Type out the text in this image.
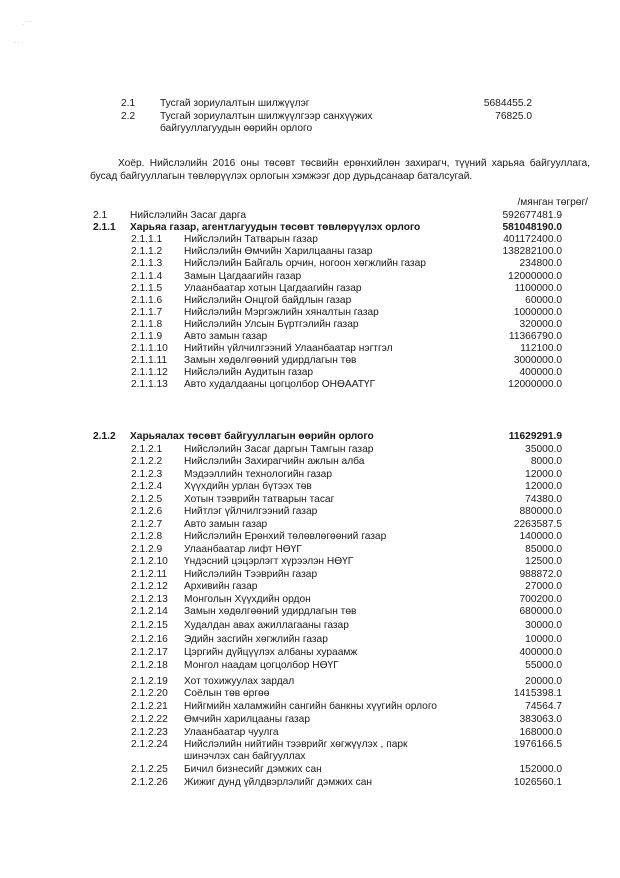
· ˉ ˊ
· · ·
2.1 Тусгай зориулалтын шилжүүлэг	5684455.2
2.2 Тусгай зориулалтын шилжүүлгээр санхүүжих	76825.0
байгууллагуудын өөрийн орлого
Хоёр. Нийслэлийн 2016 оны төсөвт төсвийн ерөнхийлөн захирагч, түүний харьяа байгууллага, бусад байгууллагын төвлөрүүлэх орлогын хэмжээг дор дурьдсанаар баталсугай.
/мянган төгрөг/
2.1 Нийслэлийн Засаг дарга	592677481.9
2.1.1 Харьяа газар, агентлагуудын төсөвт төвлөрүүлэх орлого	581048190.0
2.1.1.1 Нийслэлийн Татварын газар	401172400.0
2.1.1.2 Нийслэлийн Өмчийн Харилцааны газар	138282100.0
2.1.1.3 Нийслэлийн Байгаль орчин, ногоон хөгжлийн газар	234800.0
2.1.1.4 Замын Цагдаагийн газар	12000000.0
2.1.1.5 Улаанбаатар хотын Цагдаагийн газар	1100000.0
2.1.1.6 Нийслэлийн Онцгой байдлын газар	60000.0
2.1.1.7 Нийслэлийн Мэргэжлийн хяналтын газар	1000000.0
2.1.1.8 Нийслэлийн Улсын Бүртгэлийн газар	320000.0
2.1.1.9 Авто замын газар	11366790.0
2.1.1.10 Нийтийн үйлчилгээний Улаанбаатар нэгтгэл	112100.0
2.1.1.11 Замын хөдөлгөөний удирдлагын төв	3000000.0
2.1.1.12 Нийслэлийн Аудитын газар	400000.0
2.1.1.13 Авто худалдааны цогцолбор ОНӨААТҮГ	12000000.0
2.1.2 Харьяалах төсөвт байгууллагын өөрийн орлого	11629291.9
2.1.2.1 Нийслэлийн Засаг даргын Тамгын газар	35000.0
2.1.2.2 Нийслэлийн Захирагчийн ажлын алба	8000.0
2.1.2.3 Мэдээллийн технологийн газар	12000.0
2.1.2.4 Хүүхдийн урлан бүтээх төв	12000.0
2.1.2.5 Хотын тээврийн татварын тасаг	74380.0
2.1.2.6 Нийтлэг үйлчилгээний газар	880000.0
2.1.2.7 Авто замын газар	2263587.5
2.1.2.8 Нийслэлийн Ерөнхий төлөвлөгөөний газар	140000.0
2.1.2.9 Улаанбаатар лифт НӨҮГ	85000.0
2.1.2.10 Үндэсний цэцэрлэгт хүрээлэн НӨҮГ	12500.0
2.1.2.11 Нийслэлийн Тээврийн газар	988872.0
2.1.2.12 Архивийн газар	27000.0
2.1.2.13 Монголын Хүүхдийн ордон	700200.0
2.1.2.14 Замын хөдөлгөөний удирдлагын төв	680000.0
2.1.2.15 Худалдан авах ажиллагааны газар	30000.0
2.1.2.16 Эдийн засгийн хөгжлийн газар	10000.0
2.1.2.17 Цэргийн дүйцүүлэх албаны хураамж	400000.0
2.1.2.18 Монгол наадам цогцолбор НӨҮГ	55000.0
2.1.2.19 Хот тохижуулах зардал	20000.0
2.1.2.20 Соёлын төв өргөө	1415398.1
2.1.2.21 Нийгмийн халамжийн сангийн банкны хүүгийн орлого	74564.7
2.1.2.22 Өмчийн харилцааны газар	383063.0
2.1.2.23 Улаанбаатар чуулга	168000.0
2.1.2.24 Нийслэлийн нийтийн тээврийг хөгжүүлэх , парк	1976166.5
шинэчлэх сан байгууллах
2.1.2.25 Бичил бизнесийг дэмжих сан	152000.0
2.1.2.26 Жижиг дунд үйлдвэрлэлийг дэмжих сан	1026560.1
